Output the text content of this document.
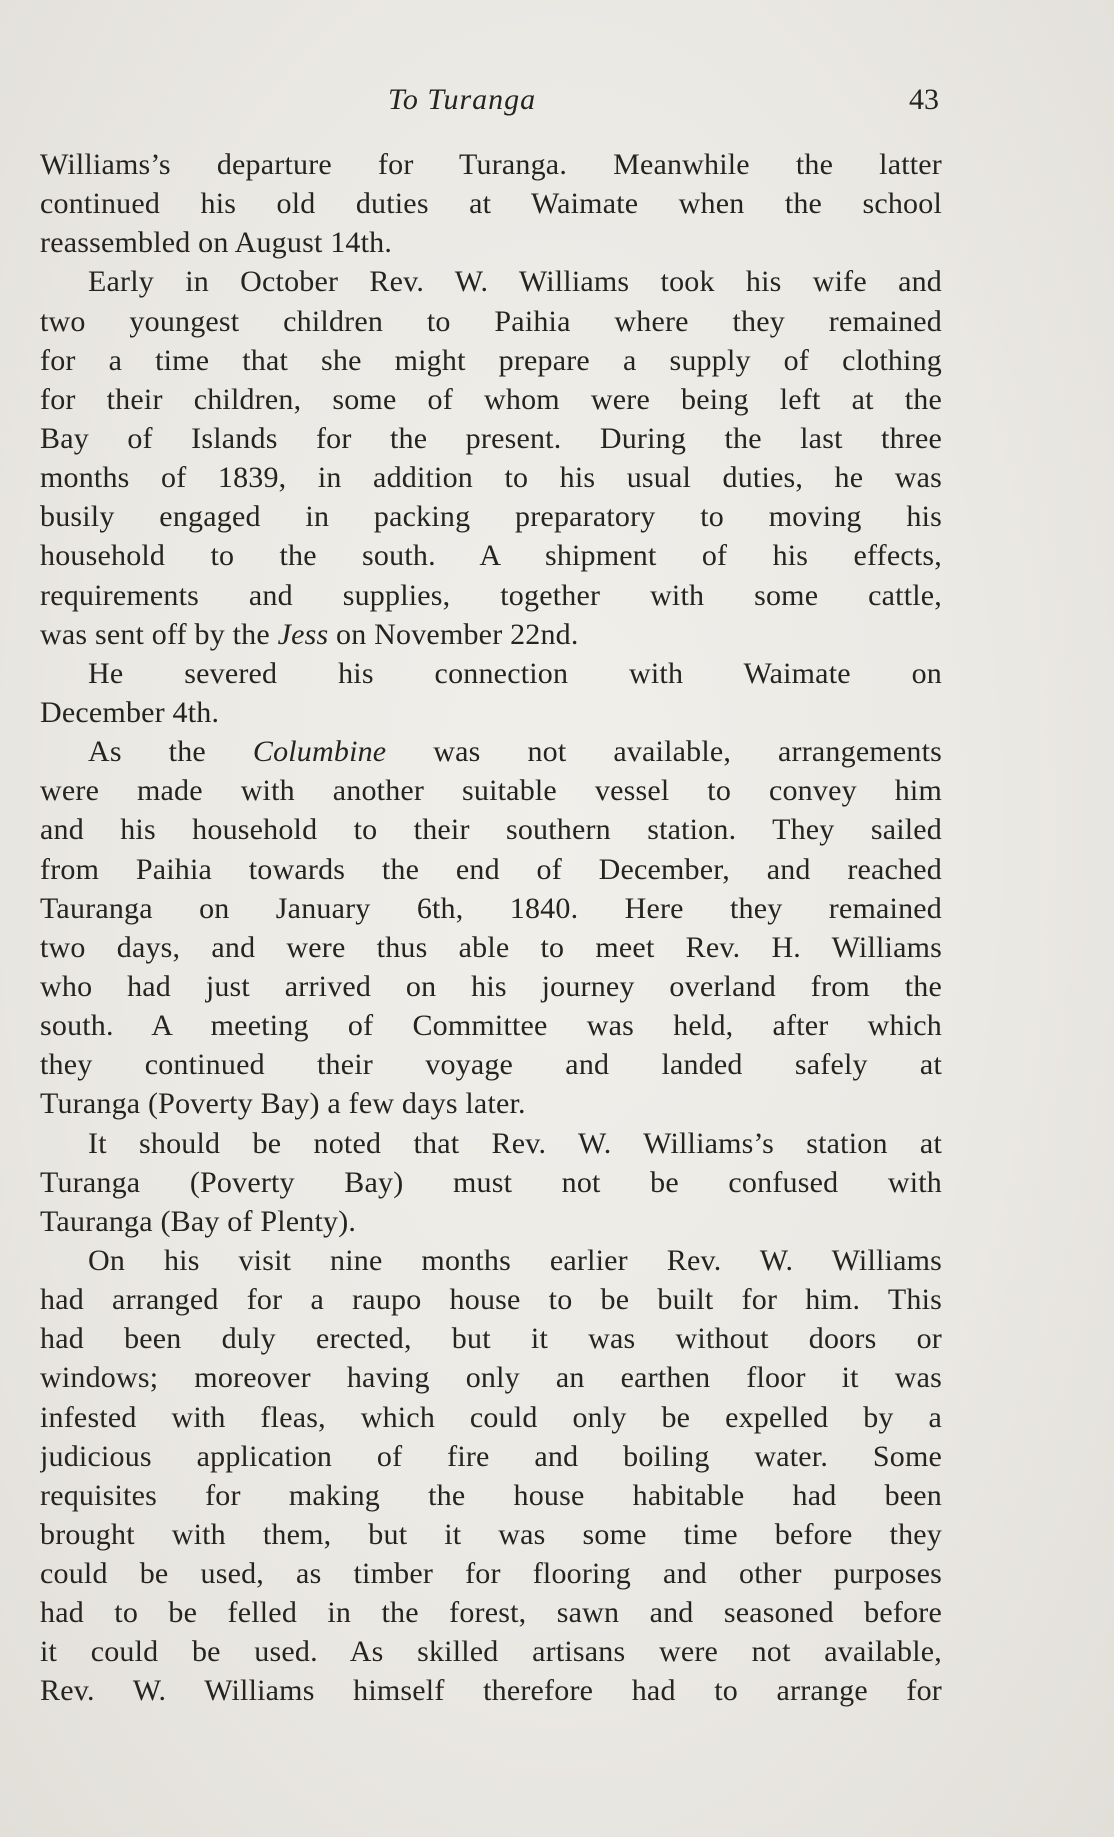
To Turanga	43
Williams’s departure for Turanga. Meanwhile the latter
continued his old duties at Waimate when the school
reassembled on August 14th.
Early in October Rev. W. Williams took his wife and
two youngest children to Paihia where they remained
for a time that she might prepare a supply of clothing
for their children, some of whom were being left at the
Bay of Islands for the present. During the last three
months of 1839, in addition to his usual duties, he was
busily engaged in packing preparatory to moving his
household to the south. A shipment of his effects,
requirements and supplies, together with some cattle,
was sent off by the Jess on November 22nd.
He severed his connection with Waimate on
December 4th.
As the Columbine was not available, arrangements
were made with another suitable vessel to convey him
and his household to their southern station. They sailed
from Paihia towards the end of December, and reached
Tauranga on January 6th, 1840. Here they remained
two days, and were thus able to meet Rev. H. Williams
who had just arrived on his journey overland from the
south. A meeting of Committee was held, after which
they continued their voyage and landed safely at
Turanga (Poverty Bay) a few days later.
It should be noted that Rev. W. Williams’s station at
Turanga (Poverty Bay) must not be confused with
Tauranga (Bay of Plenty).
On his visit nine months earlier Rev. W. Williams
had arranged for a raupo house to be built for him. This
had been duly erected, but it was without doors or
windows; moreover having only an earthen floor it was
infested with fleas, which could only be expelled by a
judicious application of fire and boiling water. Some
requisites for making the house habitable had been
brought with them, but it was some time before they
could be used, as timber for flooring and other purposes
had to be felled in the forest, sawn and seasoned before
it could be used. As skilled artisans were not available,
Rev. W. Williams himself therefore had to arrange for
